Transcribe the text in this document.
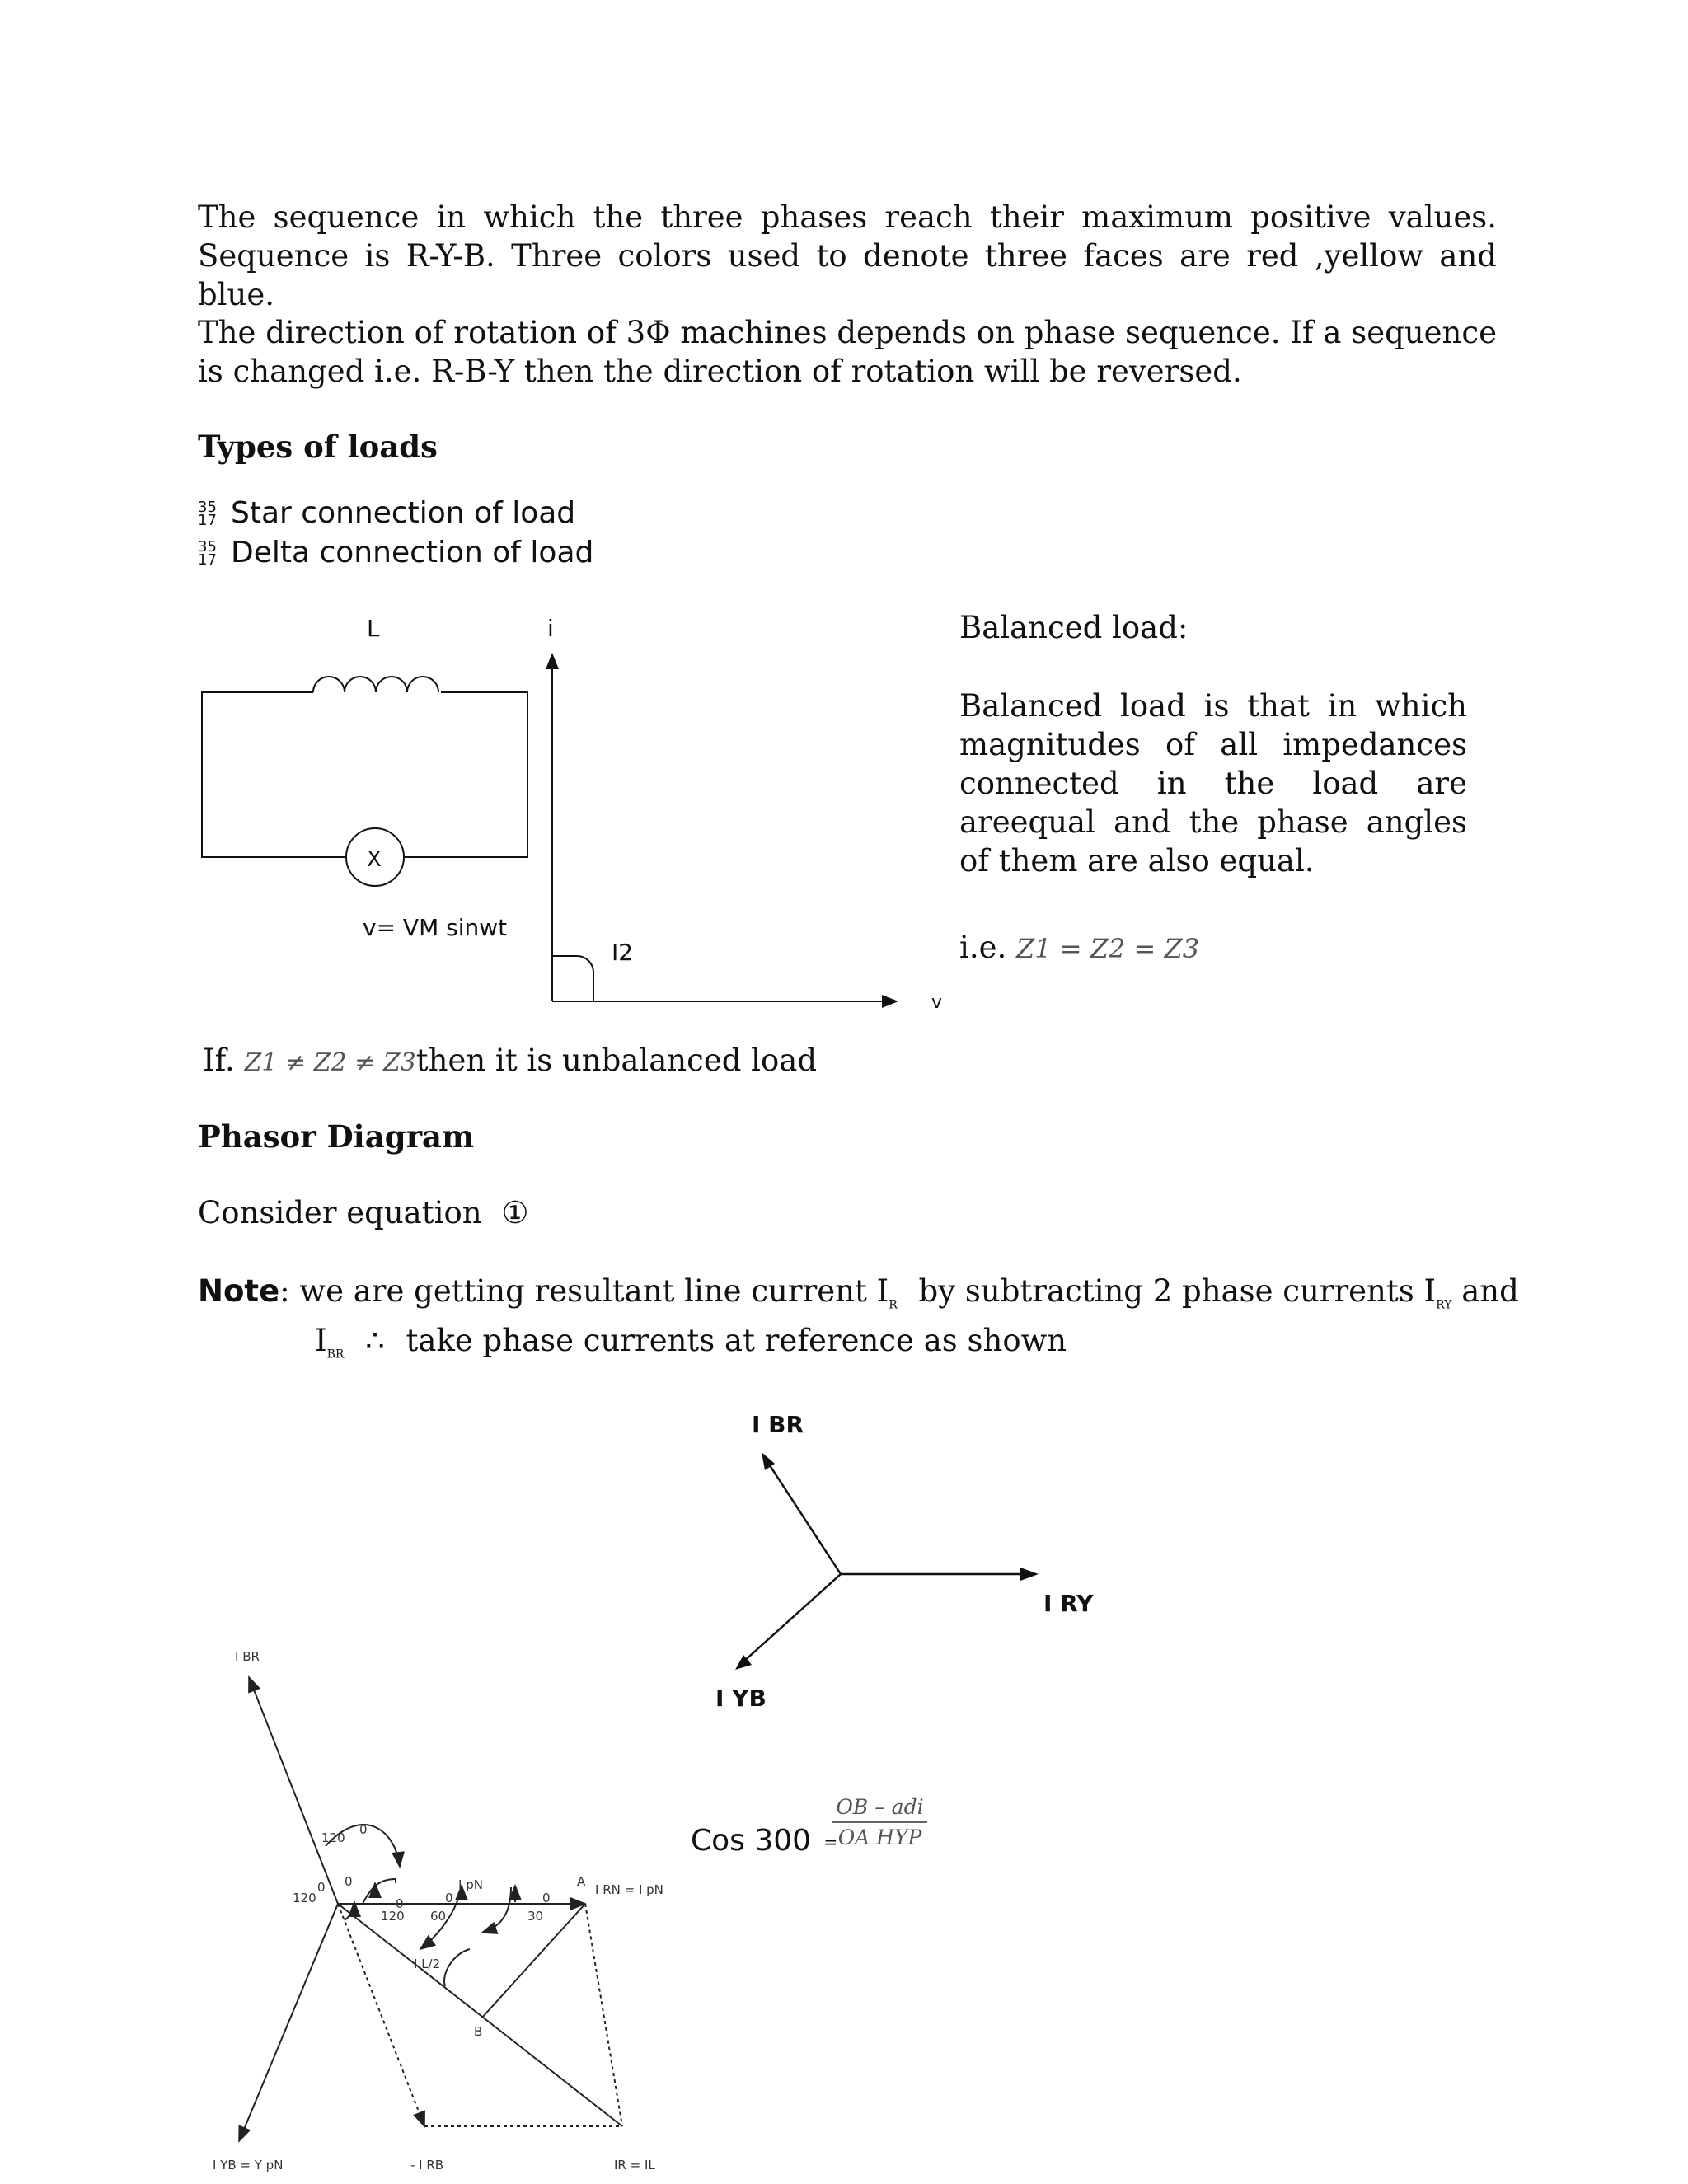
The sequence in which the three phases reach their maximum positive values. Sequence is R-Y-B. Three colors used to denote three faces are red ,yellow and blue.
The direction of rotation of 3Φ machines depends on phase sequence. If a sequence is changed i.e. R-B-Y then the direction of rotation will be reversed.
Types of loads
35 17 Star connection of load
35 17 Delta connection of load
L
X
v= VM sinwt
i
I2
v
Balanced load:
Balanced load is that in which magnitudes of all impedances connected in the load are areequal and the phase angles of them are also equal.
i.e. Z1 = Z2 = Z3
If. Z1 ≠ Z2 ≠ Z3then it is unbalanced load
Phasor Diagram
Consider equation ①
Note: we are getting resultant line current $I_R$ by subtracting 2 phase currents $I_{RY}$ and
$I_{BR}$ ∴ take phase currents at reference as shown
I BR
I RY
I YB
Cos 300 =
OB – adi
OA HYP
I BR
I YB = Y pN	- I RB	IR = IL
I RN = I pN
I pN
I L/2
A
B
120
0
0
120
0
120
0
60
0
30
0
